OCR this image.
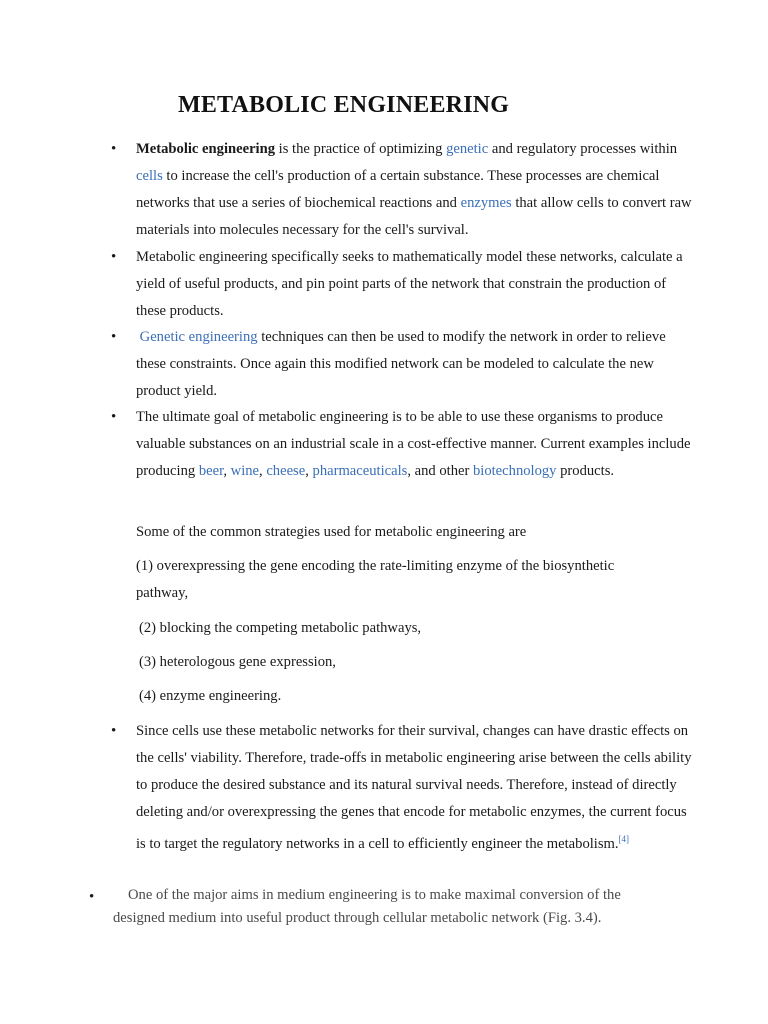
METABOLIC ENGINEERING
• Metabolic engineering is the practice of optimizing genetic and regulatory processes within cells to increase the cell's production of a certain substance. These processes are chemical networks that use a series of biochemical reactions and enzymes that allow cells to convert raw materials into molecules necessary for the cell's survival.

• Metabolic engineering specifically seeks to mathematically model these networks, calculate a yield of useful products, and pin point parts of the network that constrain the production of these products.

• Genetic engineering techniques can then be used to modify the network in order to relieve these constraints. Once again this modified network can be modeled to calculate the new product yield.

• The ultimate goal of metabolic engineering is to be able to use these organisms to produce valuable substances on an industrial scale in a cost-effective manner. Current examples include producing beer, wine, cheese, pharmaceuticals, and other biotechnology products.

Some of the common strategies used for metabolic engineering are

(1) overexpressing the gene encoding the rate-limiting enzyme of the biosynthetic pathway,

(2) blocking the competing metabolic pathways,

(3) heterologous gene expression,

(4) enzyme engineering.

• Since cells use these metabolic networks for their survival, changes can have drastic effects on the cells' viability. Therefore, trade-offs in metabolic engineering arise between the cells ability to produce the desired substance and its natural survival needs. Therefore, instead of directly deleting and/or overexpressing the genes that encode for metabolic enzymes, the current focus is to target the regulatory networks in a cell to efficiently engineer the metabolism.[4]

•	One of the major aims in medium engineering is to make maximal conversion of the designed medium into useful product through cellular metabolic network (Fig. 3.4).
